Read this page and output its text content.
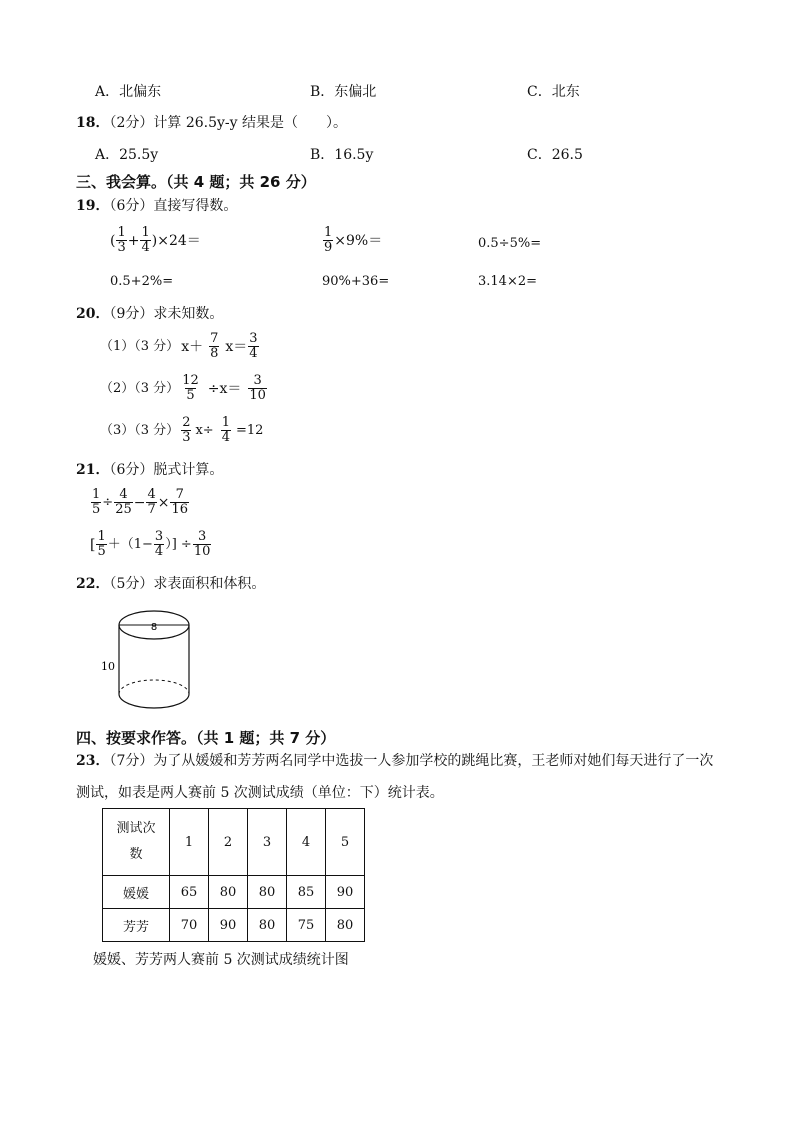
A．北偏东	B．东偏北	C．北东
18．（2分）计算 26.5y-y 结果是（　　）。
A．25.5y	B．16.5y	C．26.5
三、我会算。（共 4 题；共 26 分）
19．（6分）直接写得数。
( $\frac{1}{3} + \frac{1}{4} )\times 24=$	$\frac{1}{9} \times 9\%=$	0.5÷5%=
0.5+2%=	90%+36=	3.14×2=
20．（9分）求未知数。
（1）（3 分） $x+ \frac{7}{8} x= \frac{3}{4}$
（2）（3 分） $\frac{12}{5} \div x= \frac{3}{10}$
（3）（3 分） $\frac{2}{3} x\div \frac{1}{4} =12$
21．（6分）脱式计算。
$\frac{1}{5} \div \frac{4}{25} - \frac{4}{7} \times \frac{7}{16}$
[ $\frac{1}{5} +(1- \frac{3}{4}$ ）] ÷ $\frac{3}{10}$
22．（5分）求表面积和体积。
8
10
四、按要求作答。（共 1 题；共 7 分）
23．（7分）为了从媛媛和芳芳两名同学中选拔一人参加学校的跳绳比赛，王老师对她们每天进行了一次
测试，如表是两人赛前 5 次测试成绩（单位：下）统计表。
测试次数	1	2	3	4	5
媛媛	65	80	80	85	90
芳芳	70	90	80	75	80
媛媛、芳芳两人赛前 5 次测试成绩统计图
